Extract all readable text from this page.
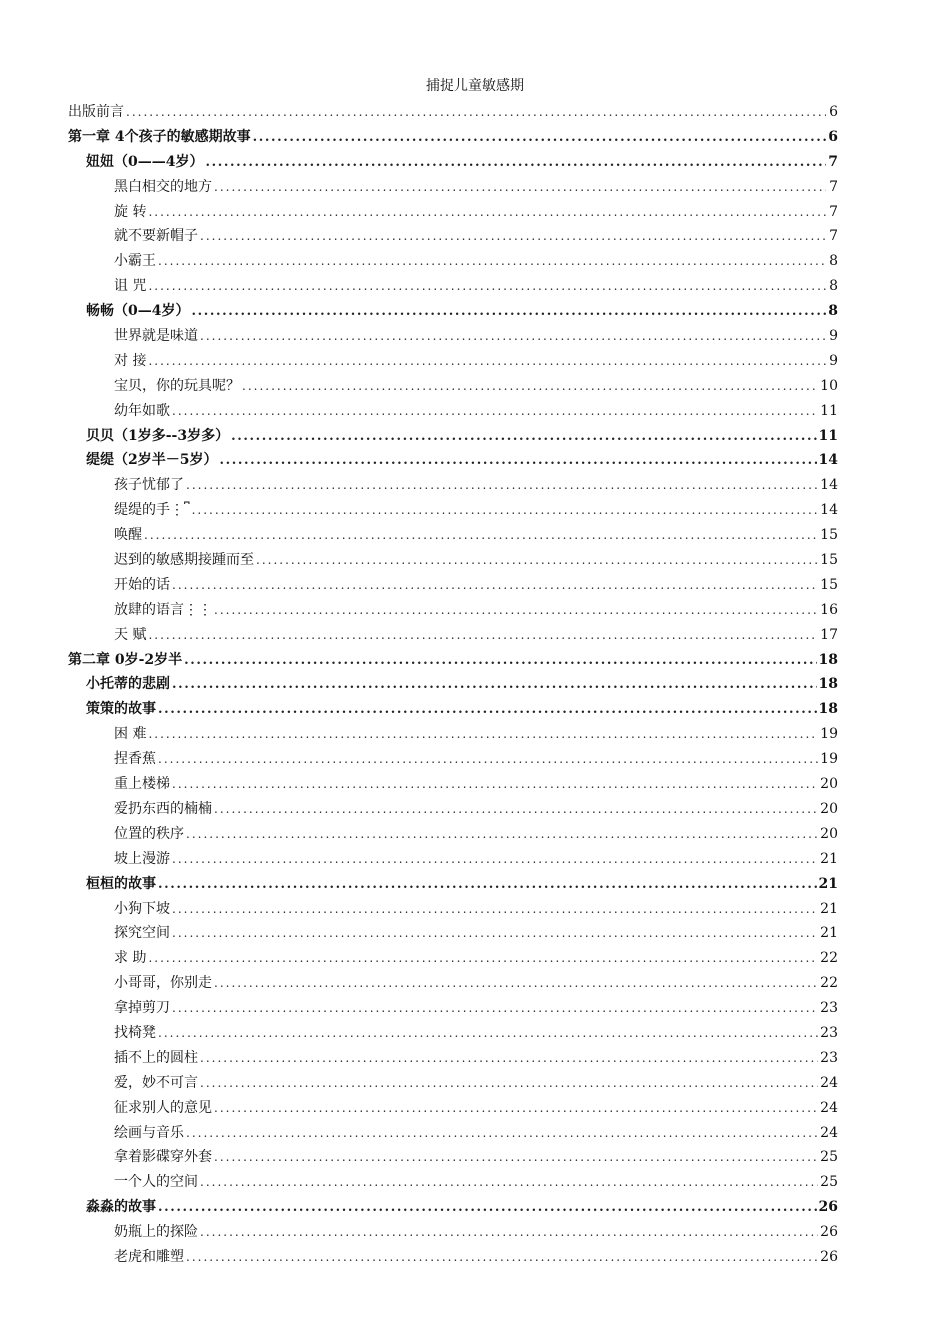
捕捉儿童敏感期
出版前言 .....	6
第一章 4个孩子的敏感期故事 .....	6
妞妞（0——4岁） .....	7
黑白相交的地方 .....	7
旋 转 .....	7
就不要新帽子 .....	7
小霸王 .....	8
诅 咒 .....	8
畅畅（0—4岁） .....	8
世界就是味道 .....	9
对 接 .....	9
宝贝，你的玩具呢？ .....	10
幼年如歌 .....	11
贝贝（1岁多--3岁多） .....	11
缇缇（2岁半－5岁） .....	14
孩子忧郁了 .....	14
缇缇的手⋮⎴ .....	14
唤醒 .....	15
迟到的敏感期接踵而至 .....	15
开始的话 .....	15
放肆的语言⋮⋮ .....	16
天 赋 .....	17
第二章 0岁-2岁半 .....	18
小托蒂的悲剧 .....	18
策策的故事 .....	18
困 难 .....	19
捏香蕉 .....	19
重上楼梯 .....	20
爱扔东西的楠楠 .....	20
位置的秩序 .....	20
坡上漫游 .....	21
桓桓的故事 .....	21
小狗下坡 .....	21
探究空间 .....	21
求 助 .....	22
小哥哥，你别走 .....	22
拿掉剪刀 .....	23
找椅凳 .....	23
插不上的圆柱 .....	23
爱，妙不可言 .....	24
征求别人的意见 .....	24
绘画与音乐 .....	24
拿着影碟穿外套 .....	25
一个人的空间 .....	25
淼淼的故事 .....	26
奶瓶上的探险 .....	26
老虎和雕塑 .....	26
